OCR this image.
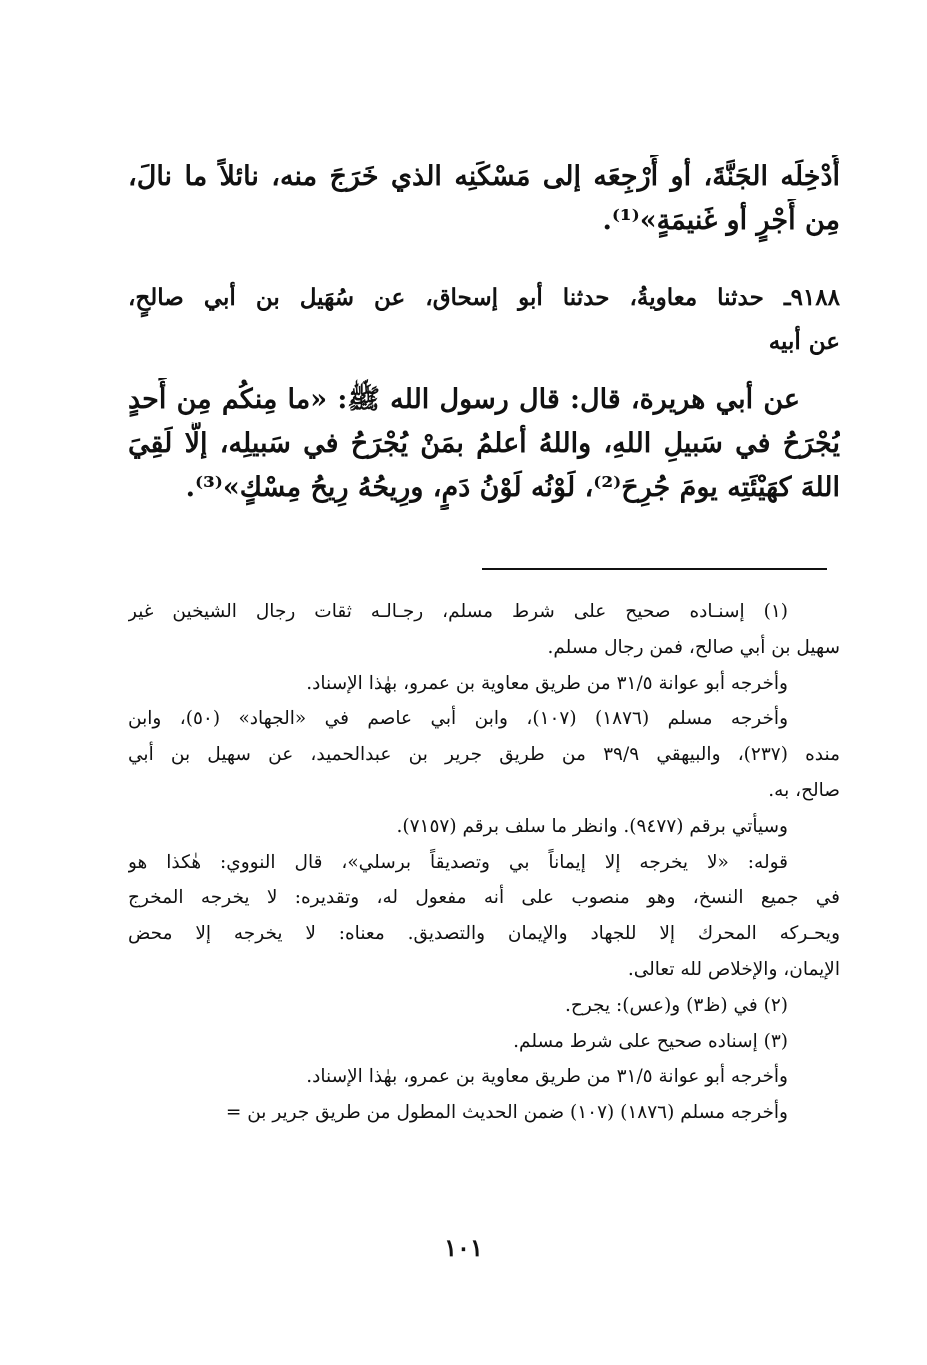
أُدْخِلَه الجَنَّةَ، أو أَرْجِعَه إلى مَسْكَنِه الذي خَرَجَ منه، نائلاً ما نالَ،
مِن أَجْرٍ أو غَنيمَةٍ»⁽¹⁾.
٩١٨٨ـ حدثنا معاويةُ، حدثنا أبو إسحاق، عن سُهَيل بن أبي صالحٍ،
عن أبيه
عن أبي هريرة، قال: قال رسول الله ﷺ: «ما مِنكُم مِن أَحدٍ
يُجْرَحُ في سَبيلِ اللهِ، واللهُ أعلمُ بمَنْ يُجْرَحُ في سَبيلِه، إلَّا لَقِيَ
اللهَ كهَيْئَتِه يومَ جُرِحَ⁽²⁾، لَوْنُه لَوْنُ دَمٍ، ورِيحُهُ رِيحُ مِسْكٍ»⁽³⁾.
(١) إسنـاده صحيح على شرط مسلم، رجـالـه ثقات رجال الشيخين غير
سهيل بن أبي صالح، فمن رجال مسلم.
وأخرجه أبو عوانة ٣١/٥ من طريق معاوية بن عمرو، بهٰذا الإسناد.
وأخرجه مسلم (١٨٧٦) (١٠٧)، وابن أبي عاصم في «الجهاد» (٥٠)، وابن
منده (٢٣٧)، والبيهقي ٣٩/٩ من طريق جرير بن عبدالحميد، عن سهيل بن أبي
صالح، به.
وسيأتي برقم (٩٤٧٧). وانظر ما سلف برقم (٧١٥٧).
قوله: «لا يخرجه إلا إيماناً بي وتصديقاً برسلي»، قال النووي: هٰكذا هو
في جميع النسخ، وهو منصوب على أنه مفعول له، وتقديره: لا يخرجه المخرج
ويحـركه المحرك إلا للجهاد والإيمان والتصديق. معناه: لا يخرجه إلا محض
الإيمان، والإخلاص لله تعالى.
(٢) في (ظ٣) و(عس): يجرح.
(٣) إسناده صحيح على شرط مسلم.
وأخرجه أبو عوانة ٣١/٥ من طريق معاوية بن عمرو، بهٰذا الإسناد.
وأخرجه مسلم (١٨٧٦) (١٠٧) ضمن الحديث المطول من طريق جرير بن =
١٠١
